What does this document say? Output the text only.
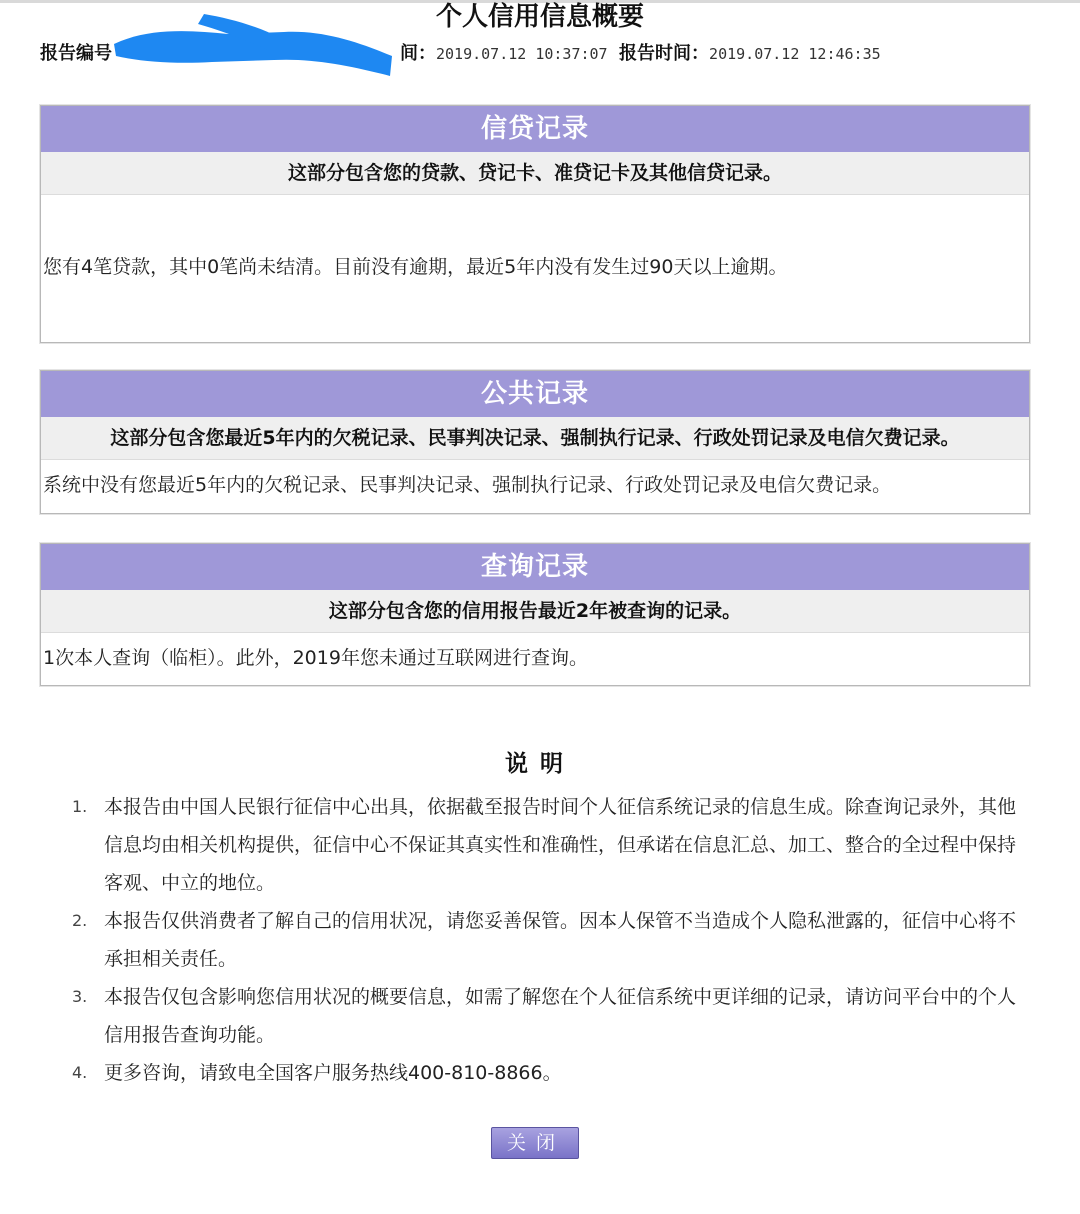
个人信用信息概要
报告编号	间：2019.07.12 10:37:07 报告时间：2019.07.12 12:46:35
信贷记录
这部分包含您的贷款、贷记卡、准贷记卡及其他信贷记录。
您有4笔贷款，其中0笔尚未结清。目前没有逾期，最近5年内没有发生过90天以上逾期。
公共记录
这部分包含您最近5年内的欠税记录、民事判决记录、强制执行记录、行政处罚记录及电信欠费记录。
系统中没有您最近5年内的欠税记录、民事判决记录、强制执行记录、行政处罚记录及电信欠费记录。
查询记录
这部分包含您的信用报告最近2年被查询的记录。
1次本人查询（临柜）。此外，2019年您未通过互联网进行查询。
说明
1. 本报告由中国人民银行征信中心出具，依据截至报告时间个人征信系统记录的信息生成。除查询记录外，其他信息均由相关机构提供，征信中心不保证其真实性和准确性，但承诺在信息汇总、加工、整合的全过程中保持客观、中立的地位。
2. 本报告仅供消费者了解自己的信用状况，请您妥善保管。因本人保管不当造成个人隐私泄露的，征信中心将不承担相关责任。
3. 本报告仅包含影响您信用状况的概要信息，如需了解您在个人征信系统中更详细的记录，请访问平台中的个人信用报告查询功能。
4. 更多咨询，请致电全国客户服务热线400-810-8866。
关闭
